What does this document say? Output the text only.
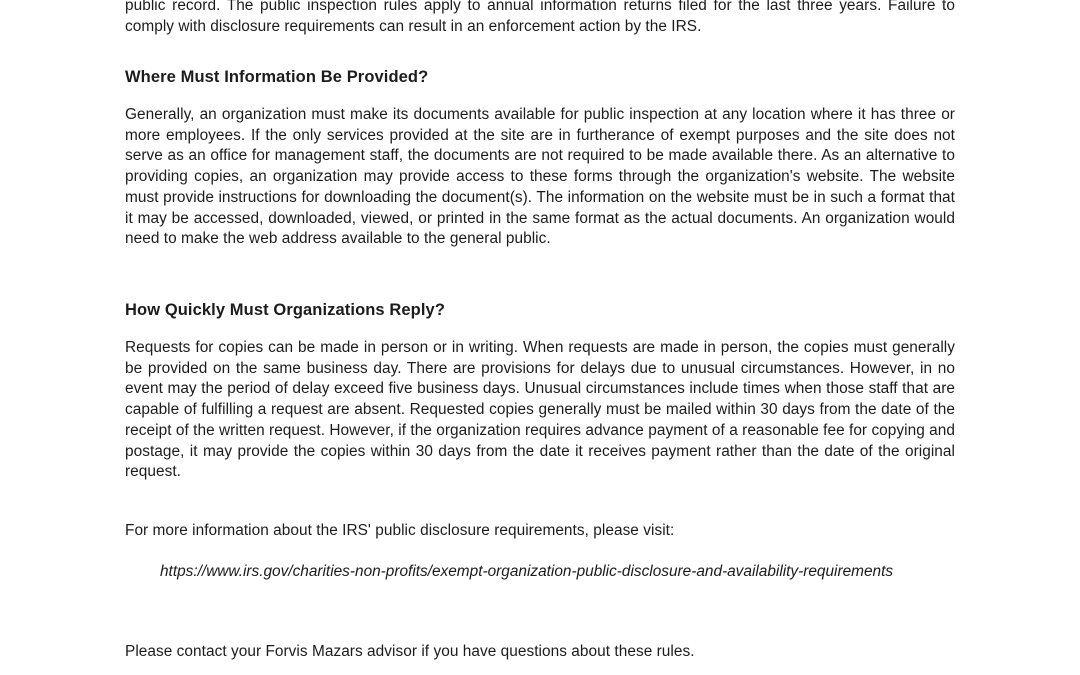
public record. The public inspection rules apply to annual information returns filed for the last three years. Failure to comply with disclosure requirements can result in an enforcement action by the IRS.

Where Must Information Be Provided?

Generally, an organization must make its documents available for public inspection at any location where it has three or more employees. If the only services provided at the site are in furtherance of exempt purposes and the site does not serve as an office for management staff, the documents are not required to be made available there. As an alternative to providing copies, an organization may provide access to these forms through the organization's website. The website must provide instructions for downloading the document(s). The information on the website must be in such a format that it may be accessed, downloaded, viewed, or printed in the same format as the actual documents. An organization would need to make the web address available to the general public.

How Quickly Must Organizations Reply?

Requests for copies can be made in person or in writing. When requests are made in person, the copies must generally be provided on the same business day. There are provisions for delays due to unusual circumstances. However, in no event may the period of delay exceed five business days. Unusual circumstances include times when those staff that are capable of fulfilling a request are absent. Requested copies generally must be mailed within 30 days from the date of the receipt of the written request. However, if the organization requires advance payment of a reasonable fee for copying and postage, it may provide the copies within 30 days from the date it receives payment rather than the date of the original request.

For more information about the IRS' public disclosure requirements, please visit:

https://www.irs.gov/charities-non-profits/exempt-organization-public-disclosure-and-availability-requirements

Please contact your Forvis Mazars advisor if you have questions about these rules.
